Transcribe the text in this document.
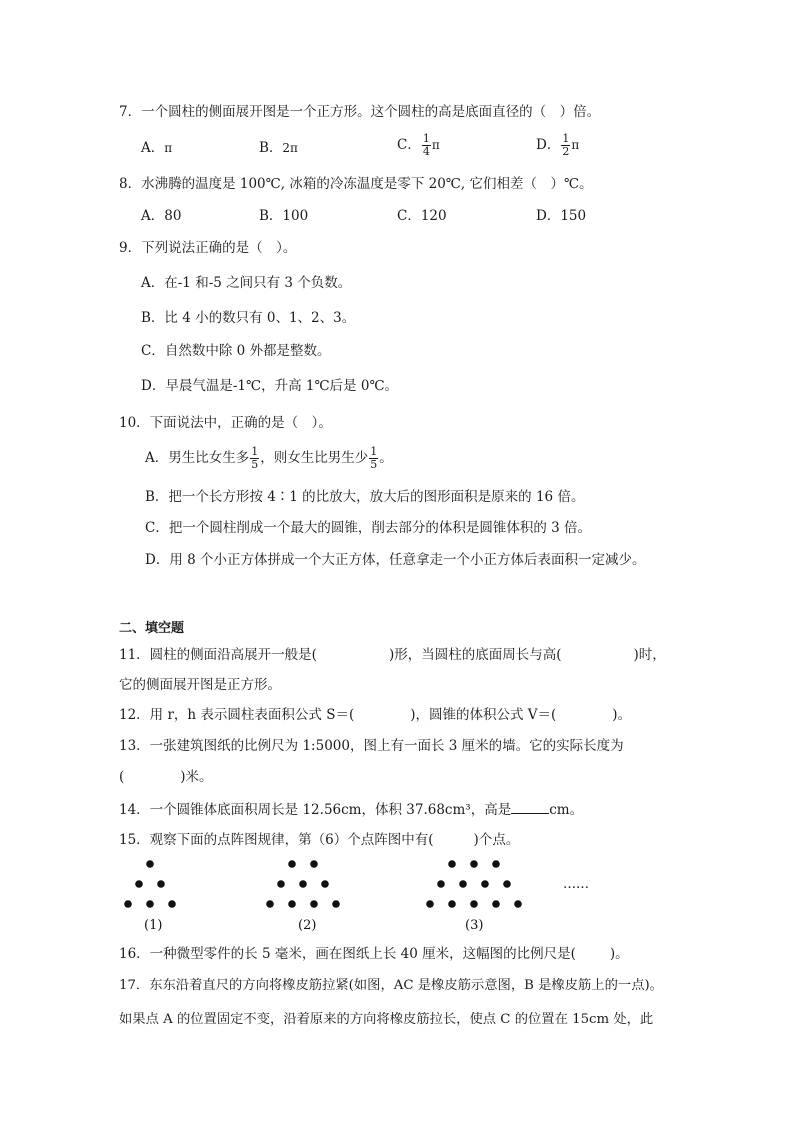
7．一个圆柱的侧面展开图是一个正方形。这个圆柱的高是底面直径的（　）倍。
A．π	B．2π	C． $\frac{1}{4}$ π	D． $\frac{1}{2}$ π
8．水沸腾的温度是 100℃, 冰箱的冷冻温度是零下 20℃, 它们相差（　）℃。
A．80	B．100	C．120	D．150
9．下列说法正确的是（　）。
A．在-1 和-5 之间只有 3 个负数。
B．比 4 小的数只有 0、1、2、3。
C．自然数中除 0 外都是整数。
D．早晨气温是-1℃，升高 1℃后是 0℃。
10．下面说法中，正确的是（　）。
A．男生比女生多 $\frac{1}{5}$ ，则女生比男生少 $\frac{1}{5}$ 。
B．把一个长方形按 4∶1 的比放大，放大后的图形面积是原来的 16 倍。
C．把一个圆柱削成一个最大的圆锥，削去部分的体积是圆锥体积的 3 倍。
D．用 8 个小正方体拼成一个大正方体，任意拿走一个小正方体后表面积一定减少。
二、填空题
11．圆柱的侧面沿高展开一般是(	)形，当圆柱的底面周长与高(	)时，
它的侧面展开图是正方形。
12．用 r，h 表示圆柱表面积公式 S＝(	)，圆锥的体积公式 V＝(	)。
13．一张建筑图纸的比例尺为 1:5000，图上有一面长 3 厘米的墙。它的实际长度为
(	)米。
14．一个圆锥体底面积周长是 12.56cm，体积 37.68cm³，高是	cm。
15．观察下面的点阵图规律，第（6）个点阵图中有(	)个点。
(1)	(2)	(3)
……
16．一种微型零件的长 5 毫米，画在图纸上长 40 厘米，这幅图的比例尺是(	)。
17．东东沿着直尺的方向将橡皮筋拉紧(如图，AC 是橡皮筋示意图，B 是橡皮筋上的一点)。
如果点 A 的位置固定不变，沿着原来的方向将橡皮筋拉长，使点 C 的位置在 15cm 处，此
